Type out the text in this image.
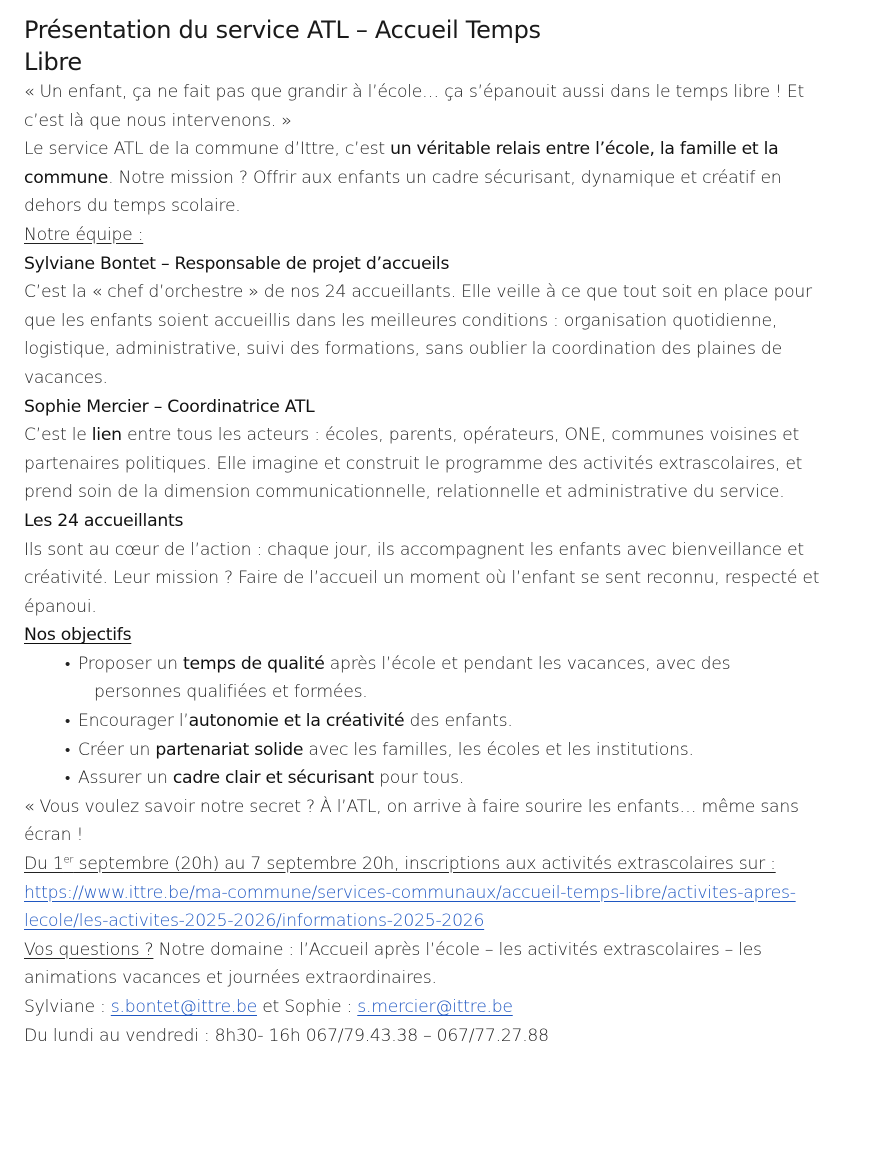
Présentation du service ATL – Accueil Temps Libre

« Un enfant, ça ne fait pas que grandir à l’école… ça s’épanouit aussi dans le temps libre ! Et c’est là que nous intervenons. »

Le service ATL de la commune d’Ittre, c’est un véritable relais entre l’école, la famille et la commune. Notre mission ? Offrir aux enfants un cadre sécurisant, dynamique et créatif en dehors du temps scolaire.

Notre équipe :

Sylviane Bontet – Responsable de projet d’accueils

C’est la « chef d’orchestre » de nos 24 accueillants. Elle veille à ce que tout soit en place pour que les enfants soient accueillis dans les meilleures conditions : organisation quotidienne, logistique, administrative, suivi des formations, sans oublier la coordination des plaines de vacances.

Sophie Mercier – Coordinatrice ATL

C’est le lien entre tous les acteurs : écoles, parents, opérateurs, ONE, communes voisines et partenaires politiques. Elle imagine et construit le programme des activités extrascolaires, et prend soin de la dimension communicationnelle, relationnelle et administrative du service.

Les 24 accueillants

Ils sont au cœur de l’action : chaque jour, ils accompagnent les enfants avec bienveillance et créativité. Leur mission ? Faire de l’accueil un moment où l’enfant se sent reconnu, respecté et épanoui.

Nos objectifs

• Proposer un temps de qualité après l’école et pendant les vacances, avec des
personnes qualifiées et formées.
• Encourager l’autonomie et la créativité des enfants.
• Créer un partenariat solide avec les familles, les écoles et les institutions.
• Assurer un cadre clair et sécurisant pour tous.

« Vous voulez savoir notre secret ? À l’ATL, on arrive à faire sourire les enfants… même sans écran !

Du 1er septembre (20h) au 7 septembre 20h, inscriptions aux activités extrascolaires sur :

https://www.ittre.be/ma-commune/services-communaux/accueil-temps-libre/activites-apres-lecole/les-activites-2025-2026/informations-2025-2026

Vos questions ? Notre domaine : l’Accueil après l’école – les activités extrascolaires – les animations vacances et journées extraordinaires.

Sylviane : s.bontet@ittre.be et Sophie : s.mercier@ittre.be

Du lundi au vendredi : 8h30- 16h 067/79.43.38 – 067/77.27.88
